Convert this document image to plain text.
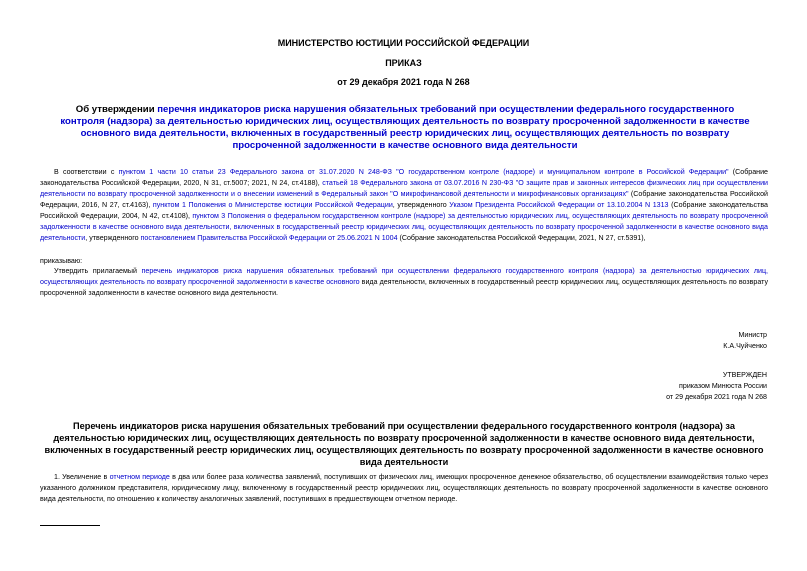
МИНИСТЕРСТВО ЮСТИЦИИ РОССИЙСКОЙ ФЕДЕРАЦИИ
ПРИКАЗ
от 29 декабря 2021 года N 268
Об утверждении перечня индикаторов риска нарушения обязательных требований при осуществлении федерального государственного контроля (надзора) за деятельностью юридических лиц, осуществляющих деятельность по возврату просроченной задолженности в качестве основного вида деятельности, включенных в государственный реестр юридических лиц, осуществляющих деятельность по возврату просроченной задолженности в качестве основного вида деятельности
В соответствии с пунктом 1 части 10 статьи 23 Федерального закона от 31.07.2020 N 248-ФЗ "О государственном контроле (надзоре) и муниципальном контроле в Российской Федерации" (Собрание законодательства Российской Федерации, 2020, N 31, ст.5007; 2021, N 24, ст.4188), статьей 18 Федерального закона от 03.07.2016 N 230-ФЗ "О защите прав и законных интересов физических лиц при осуществлении деятельности по возврату просроченной задолженности и о внесении изменений в Федеральный закон "О микрофинансовой деятельности и микрофинансовых организациях" (Собрание законодательства Российской Федерации, 2016, N 27, ст.4163), пунктом 1 Положения о Министерстве юстиции Российской Федерации, утвержденного Указом Президента Российской Федерации от 13.10.2004 N 1313 (Собрание законодательства Российской Федерации, 2004, N 42, ст.4108), пунктом 3 Положения о федеральном государственном контроле (надзоре) за деятельностью юридических лиц, осуществляющих деятельность по возврату просроченной задолженности в качестве основного вида деятельности, включенных в государственный реестр юридических лиц, осуществляющих деятельность по возврату просроченной задолженности в качестве основного вида деятельности, утвержденного постановлением Правительства Российской Федерации от 25.06.2021 N 1004 (Собрание законодательства Российской Федерации, 2021, N 27, ст.5391),
приказываю:
Утвердить прилагаемый перечень индикаторов риска нарушения обязательных требований при осуществлении федерального государственного контроля (надзора) за деятельностью юридических лиц, осуществляющих деятельность по возврату просроченной задолженности в качестве основного вида деятельности, включенных в государственный реестр юридических лиц, осуществляющих деятельность по возврату просроченной задолженности в качестве основного вида деятельности.

Министр

К.А.Чуйченко

УТВЕРЖДЕН

приказом Минюста России

от 29 декабря 2021 года N 268

Перечень индикаторов риска нарушения обязательных требований при осуществлении федерального государственного контроля (надзора) за деятельностью юридических лиц, осуществляющих деятельность по возврату просроченной задолженности в качестве основного вида деятельности, включенных в государственный реестр юридических лиц, осуществляющих деятельность по возврату просроченной задолженности в качестве основного вида деятельности
1. Увеличение в отчетном периоде в два или более раза количества заявлений, поступивших от физических лиц, имеющих просроченное денежное обязательство, об осуществлении взаимодействия только через указанного должником представителя, юридическому лицу, включенному в государственный реестр юридических лиц, осуществляющих деятельность по возврату просроченной задолженности в качестве основного вида деятельности, по отношению к количеству аналогичных заявлений, поступивших в предшествующем отчетном периоде.
